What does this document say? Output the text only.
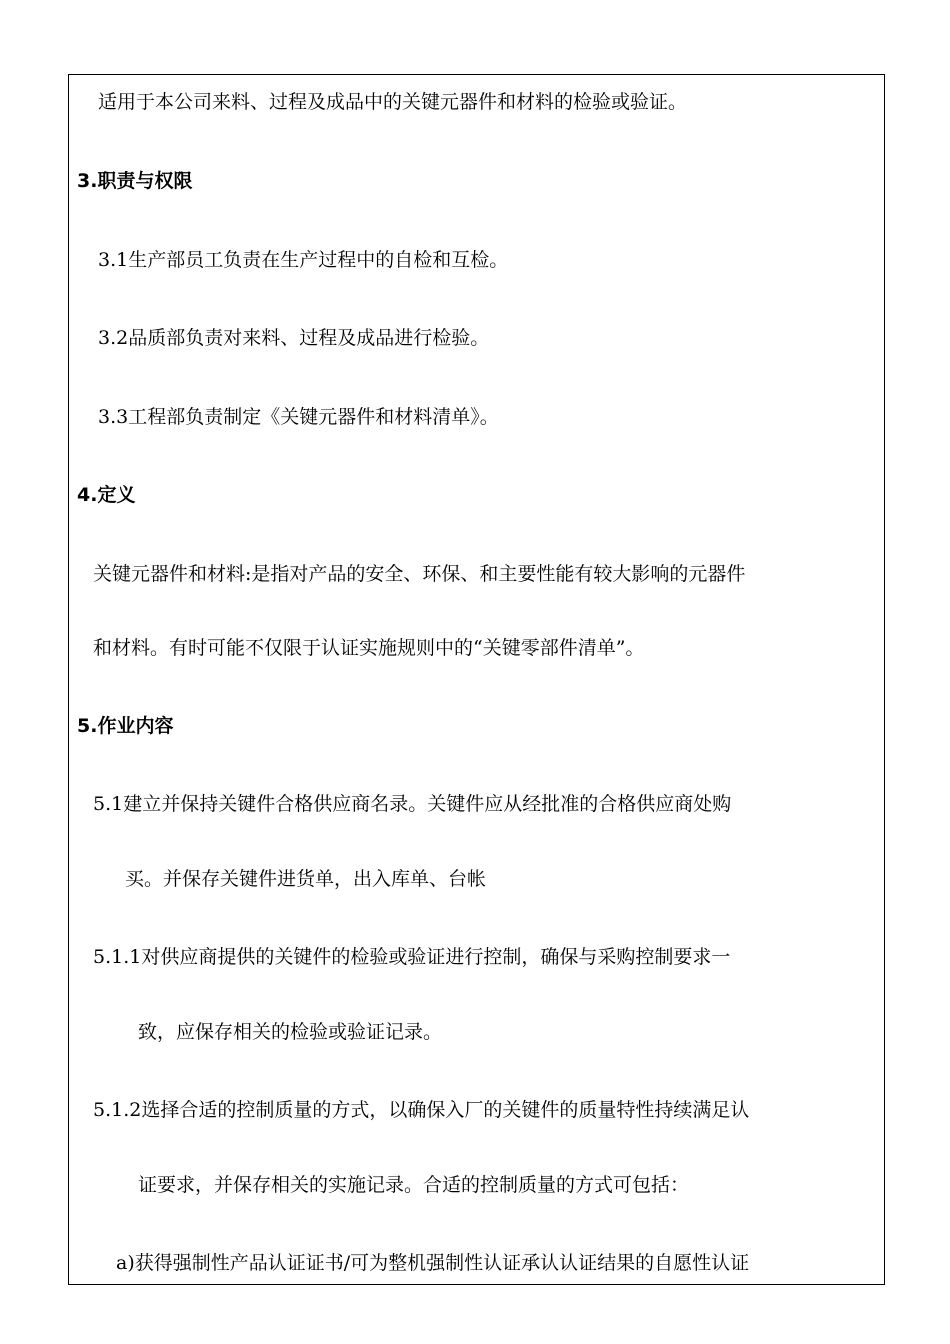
适用于本公司来料、过程及成品中的关键元器件和材料的检验或验证。
3.职责与权限
3.1生产部员工负责在生产过程中的自检和互检。
3.2品质部负责对来料、过程及成品进行检验。
3.3工程部负责制定《关键元器件和材料清单》。
4.定义
关键元器件和材料:是指对产品的安全、环保、和主要性能有较大影响的元器件
和材料。有时可能不仅限于认证实施规则中的“关键零部件清单”。
5.作业内容
5.1建立并保持关键件合格供应商名录。关键件应从经批准的合格供应商处购
买。并保存关键件进货单，出入库单、台帐
5.1.1对供应商提供的关键件的检验或验证进行控制，确保与采购控制要求一
致，应保存相关的检验或验证记录。
5.1.2选择合适的控制质量的方式，以确保入厂的关键件的质量特性持续满足认
证要求，并保存相关的实施记录。合适的控制质量的方式可包括：
a)获得强制性产品认证证书/可为整机强制性认证承认认证结果的自愿性认证
